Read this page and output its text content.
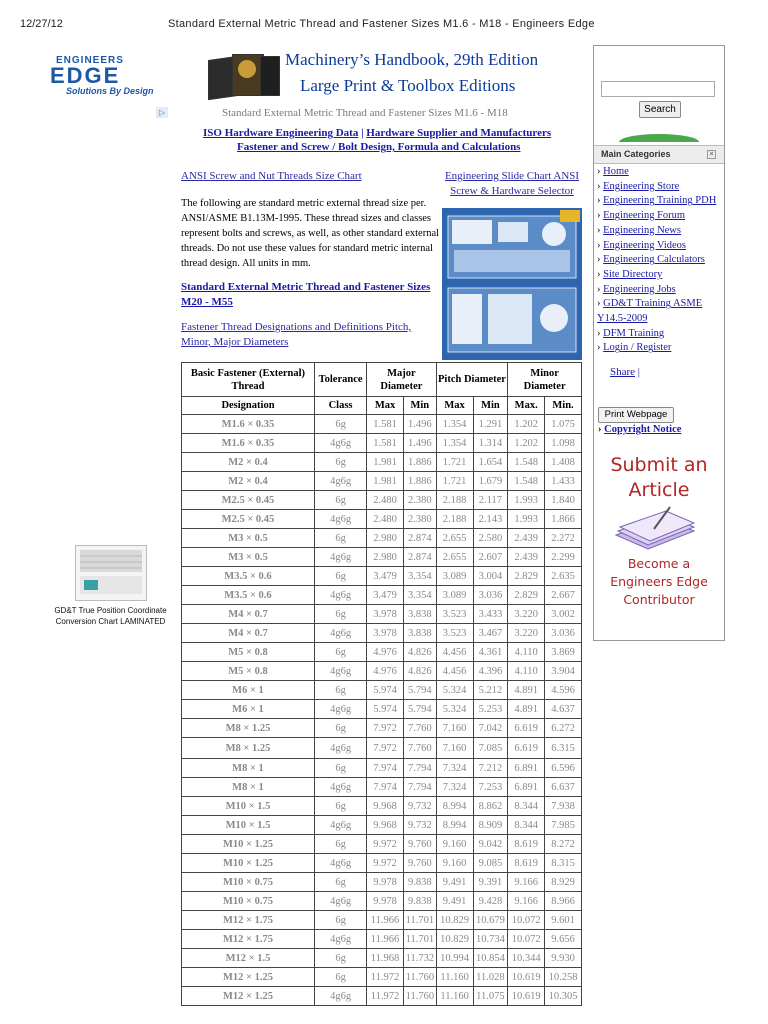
12/27/12	Standard External Metric Thread and Fastener Sizes M1.6 - M18 - Engineers Edge
ENGINEERS
EDGE
Solutions By Design
▷
Machinery’s Handbook, 29th Edition
Large Print & Toolbox Editions
Standard External Metric Thread and Fastener Sizes M1.6 - M18
ISO Hardware Engineering Data | Hardware Supplier and Manufacturers
Fastener and Screw / Bolt Design, Formula and Calculations
ANSI Screw and Nut Threads Size Chart	Engineering Slide Chart ANSI Screw & Hardware Selector
The following are standard metric external thread size per. ANSI/ASME B1.13M-1995. These thread sizes and classes represent bolts and screws, as well, as other standard external threads. Do not use these values for standard metric internal thread design. All units in mm.
Standard External Metric Thread and Fastener Sizes M20 - M55
Fastener Thread Designations and Definitions Pitch, Minor, Major Diameters
Basic Fastener (External) Thread	Tolerance	Major Diameter		Pitch Diameter		Minor Diameter	
Designation	Class	Max	Min	Max	Min	Max.	Min.
M1.6 × 0.35	6g	1.581	1.496	1.354	1.291	1.202	1.075
M1.6 × 0.35	4g6g	1.581	1.496	1.354	1.314	1.202	1.098
M2 × 0.4	6g	1.981	1.886	1.721	1.654	1.548	1.408
M2 × 0.4	4g6g	1.981	1.886	1.721	1.679	1.548	1.433
M2.5 × 0.45	6g	2.480	2.380	2.188	2.117	1.993	1.840
M2.5 × 0.45	4g6g	2.480	2.380	2.188	2.143	1.993	1.866
M3 × 0.5	6g	2.980	2.874	2.655	2.580	2.439	2.272
M3 × 0.5	4g6g	2.980	2.874	2.655	2.607	2.439	2.299
M3.5 × 0.6	6g	3.479	3.354	3.089	3.004	2.829	2.635
M3.5 × 0.6	4g6g	3.479	3.354	3.089	3.036	2.829	2.667
M4 × 0.7	6g	3.978	3.838	3.523	3.433	3.220	3.002
M4 × 0.7	4g6g	3.978	3.838	3.523	3.467	3.220	3.036
M5 × 0.8	6g	4.976	4.826	4.456	4.361	4.110	3.869
M5 × 0.8	4g6g	4.976	4.826	4.456	4.396	4.110	3.904
M6 × 1	6g	5.974	5.794	5.324	5.212	4.891	4.596
M6 × 1	4g6g	5.974	5.794	5.324	5.253	4.891	4.637
M8 × 1.25	6g	7.972	7.760	7.160	7.042	6.619	6.272
M8 × 1.25	4g6g	7.972	7.760	7.160	7.085	6.619	6.315
M8 × 1	6g	7.974	7.794	7.324	7.212	6.891	6.596
M8 × 1	4g6g	7.974	7.794	7.324	7.253	6.891	6.637
M10 × 1.5	6g	9.968	9.732	8.994	8.862	8.344	7.938
M10 × 1.5	4g6g	9.968	9.732	8.994	8.909	8.344	7.985
M10 × 1.25	6g	9.972	9.760	9.160	9.042	8.619	8.272
M10 × 1.25	4g6g	9.972	9.760	9.160	9.085	8.619	8.315
M10 × 0.75	6g	9.978	9.838	9.491	9.391	9.166	8.929
M10 × 0.75	4g6g	9.978	9.838	9.491	9.428	9.166	8.966
M12 × 1.75	6g	11.966	11.701	10.829	10.679	10.072	9.601
M12 × 1.75	4g6g	11.966	11.701	10.829	10.734	10.072	9.656
M12 × 1.5	6g	11.968	11.732	10.994	10.854	10.344	9.930
M12 × 1.25	6g	11.972	11.760	11.160	11.028	10.619	10.258
M12 × 1.25	4g6g	11.972	11.760	11.160	11.075	10.619	10.305
GD&T True Position Coordinate Conversion Chart LAMINATED
Search
Main Categories	×
› Home
› Engineering Store
› Engineering Training PDH
› Engineering Forum
› Engineering News
› Engineering Videos
› Engineering Calculators
› Site Directory
› Engineering Jobs
› GD&T Training ASME Y14.5-2009
› DFM Training
› Login / Register
Share |
Print Webpage
› Copyright Notice
Submit an
Article
Become a
Engineers Edge
Contributor
